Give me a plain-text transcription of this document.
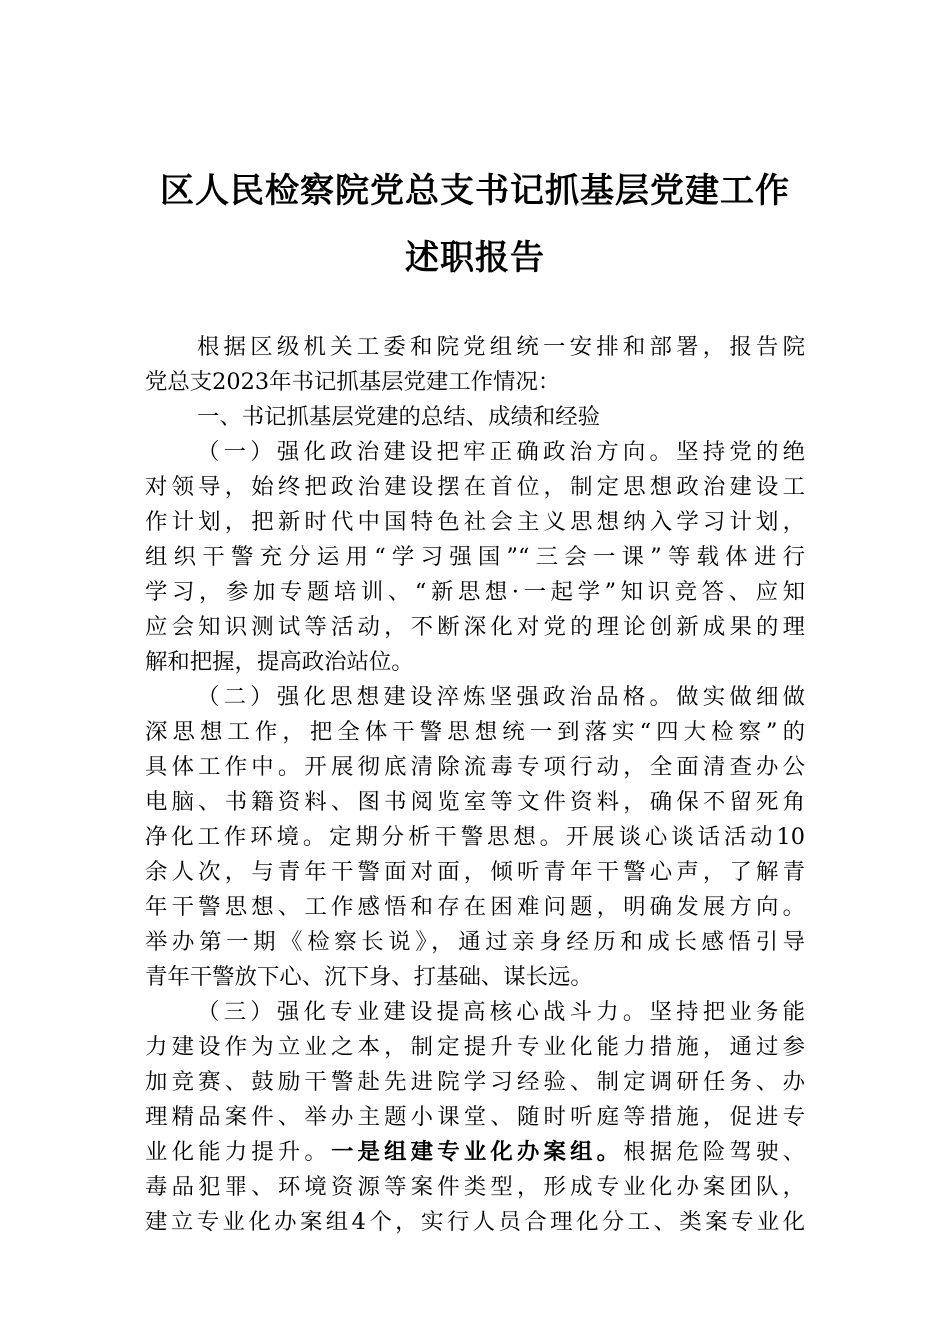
区人民检察院党总支书记抓基层党建工作
述职报告
根据区级机关工委和院党组统一安排和部署，报告院
党总支2023年书记抓基层党建工作情况：
一、书记抓基层党建的总结、成绩和经验
（一）强化政治建设把牢正确政治方向。坚持党的绝
对领导，始终把政治建设摆在首位，制定思想政治建设工
作计划，把新时代中国特色社会主义思想纳入学习计划，
组织干警充分运用“学习强国”“三会一课”等载体进行
学习，参加专题培训、“新思想·一起学”知识竞答、应知
应会知识测试等活动，不断深化对党的理论创新成果的理
解和把握，提高政治站位。
（二）强化思想建设淬炼坚强政治品格。做实做细做
深思想工作，把全体干警思想统一到落实“四大检察”的
具体工作中。开展彻底清除流毒专项行动，全面清查办公
电脑、书籍资料、图书阅览室等文件资料，确保不留死角
净化工作环境。定期分析干警思想。开展谈心谈话活动10
余人次，与青年干警面对面，倾听青年干警心声，了解青
年干警思想、工作感悟和存在困难问题，明确发展方向。
举办第一期《检察长说》，通过亲身经历和成长感悟引导
青年干警放下心、沉下身、打基础、谋长远。
（三）强化专业建设提高核心战斗力。坚持把业务能
力建设作为立业之本，制定提升专业化能力措施，通过参
加竞赛、鼓励干警赴先进院学习经验、制定调研任务、办
理精品案件、举办主题小课堂、随时听庭等措施，促进专
业化能力提升。一是组建专业化办案组。根据危险驾驶、
毒品犯罪、环境资源等案件类型，形成专业化办案团队，
建立专业化办案组4个，实行人员合理化分工、类案专业化
